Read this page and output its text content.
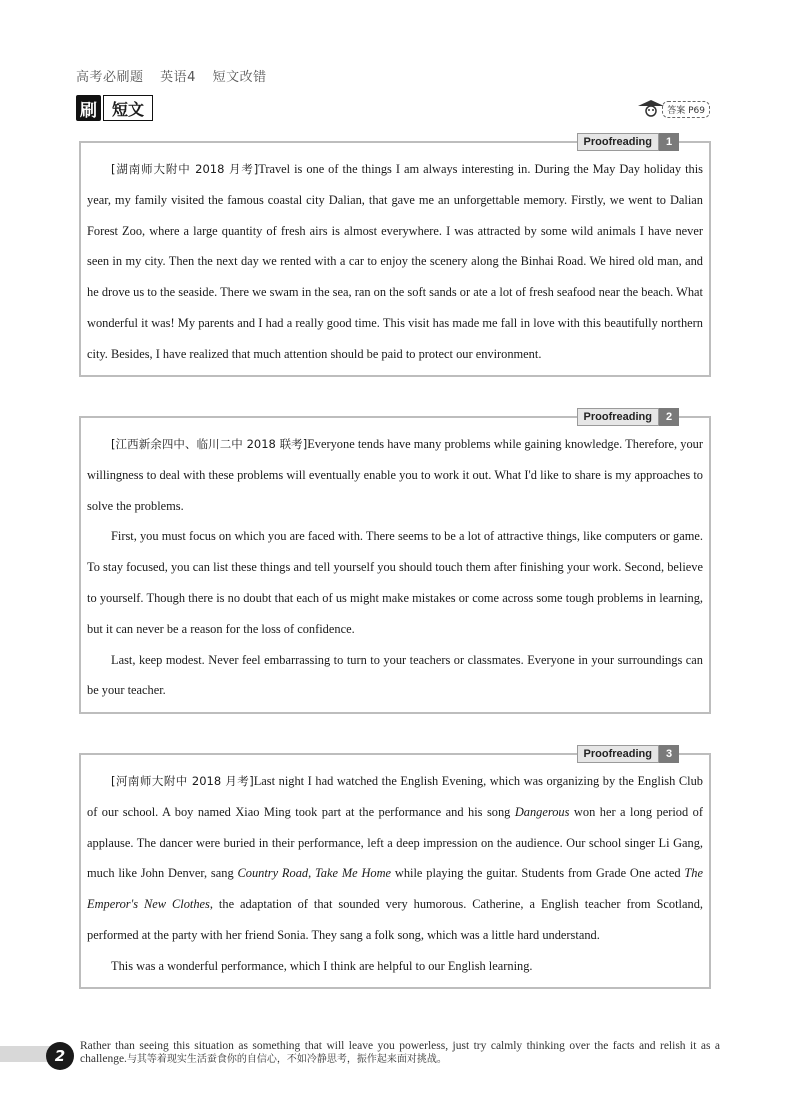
高考必刷题 英语4 短文改错
刷 短文	答案 P69
Proofreading	1

[湖南师大附中 2018 月考]Travel is one of the things I am always interesting in. During the May Day holiday this year, my family visited the famous coastal city Dalian, that gave me an unforgettable memory. Firstly, we went to Dalian Forest Zoo, where a large quantity of fresh airs is almost everywhere. I was attracted by some wild animals I have never seen in my city. Then the next day we rented with a car to enjoy the scenery along the Binhai Road. We hired old man, and he drove us to the seaside. There we swam in the sea, ran on the soft sands or ate a lot of fresh seafood near the beach. What wonderful it was! My parents and I had a really good time. This visit has made me fall in love with this beautifully northern city. Besides, I have realized that much attention should be paid to protect our environment.

Proofreading	2

[江西新余四中、临川二中 2018 联考]Everyone tends have many problems while gaining knowledge. Therefore, your willingness to deal with these problems will eventually enable you to work it out. What I'd like to share is my approaches to solve the problems.

First, you must focus on which you are faced with. There seems to be a lot of attractive things, like computers or game. To stay focused, you can list these things and tell yourself you should touch them after finishing your work. Second, believe to yourself. Though there is no doubt that each of us might make mistakes or come across some tough problems in learning, but it can never be a reason for the loss of confidence.

Last, keep modest. Never feel embarrassing to turn to your teachers or classmates. Everyone in your surroundings can be your teacher.

Proofreading	3

[河南师大附中 2018 月考]Last night I had watched the English Evening, which was organizing by the English Club of our school. A boy named Xiao Ming took part at the performance and his song Dangerous won her a long period of applause. The dancer were buried in their performance, left a deep impression on the audience. Our school singer Li Gang, much like John Denver, sang Country Road, Take Me Home while playing the guitar. Students from Grade One acted The Emperor's New Clothes, the adaptation of that sounded very humorous. Catherine, a English teacher from Scotland, performed at the party with her friend Sonia. They sang a folk song, which was a little hard understand.

This was a wonderful performance, which I think are helpful to our English learning.

2
Rather than seeing this situation as something that will leave you powerless, just try calmly thinking over the facts and relish it as a challenge.与其等着现实生活蚕食你的自信心，不如冷静思考，振作起来面对挑战。
